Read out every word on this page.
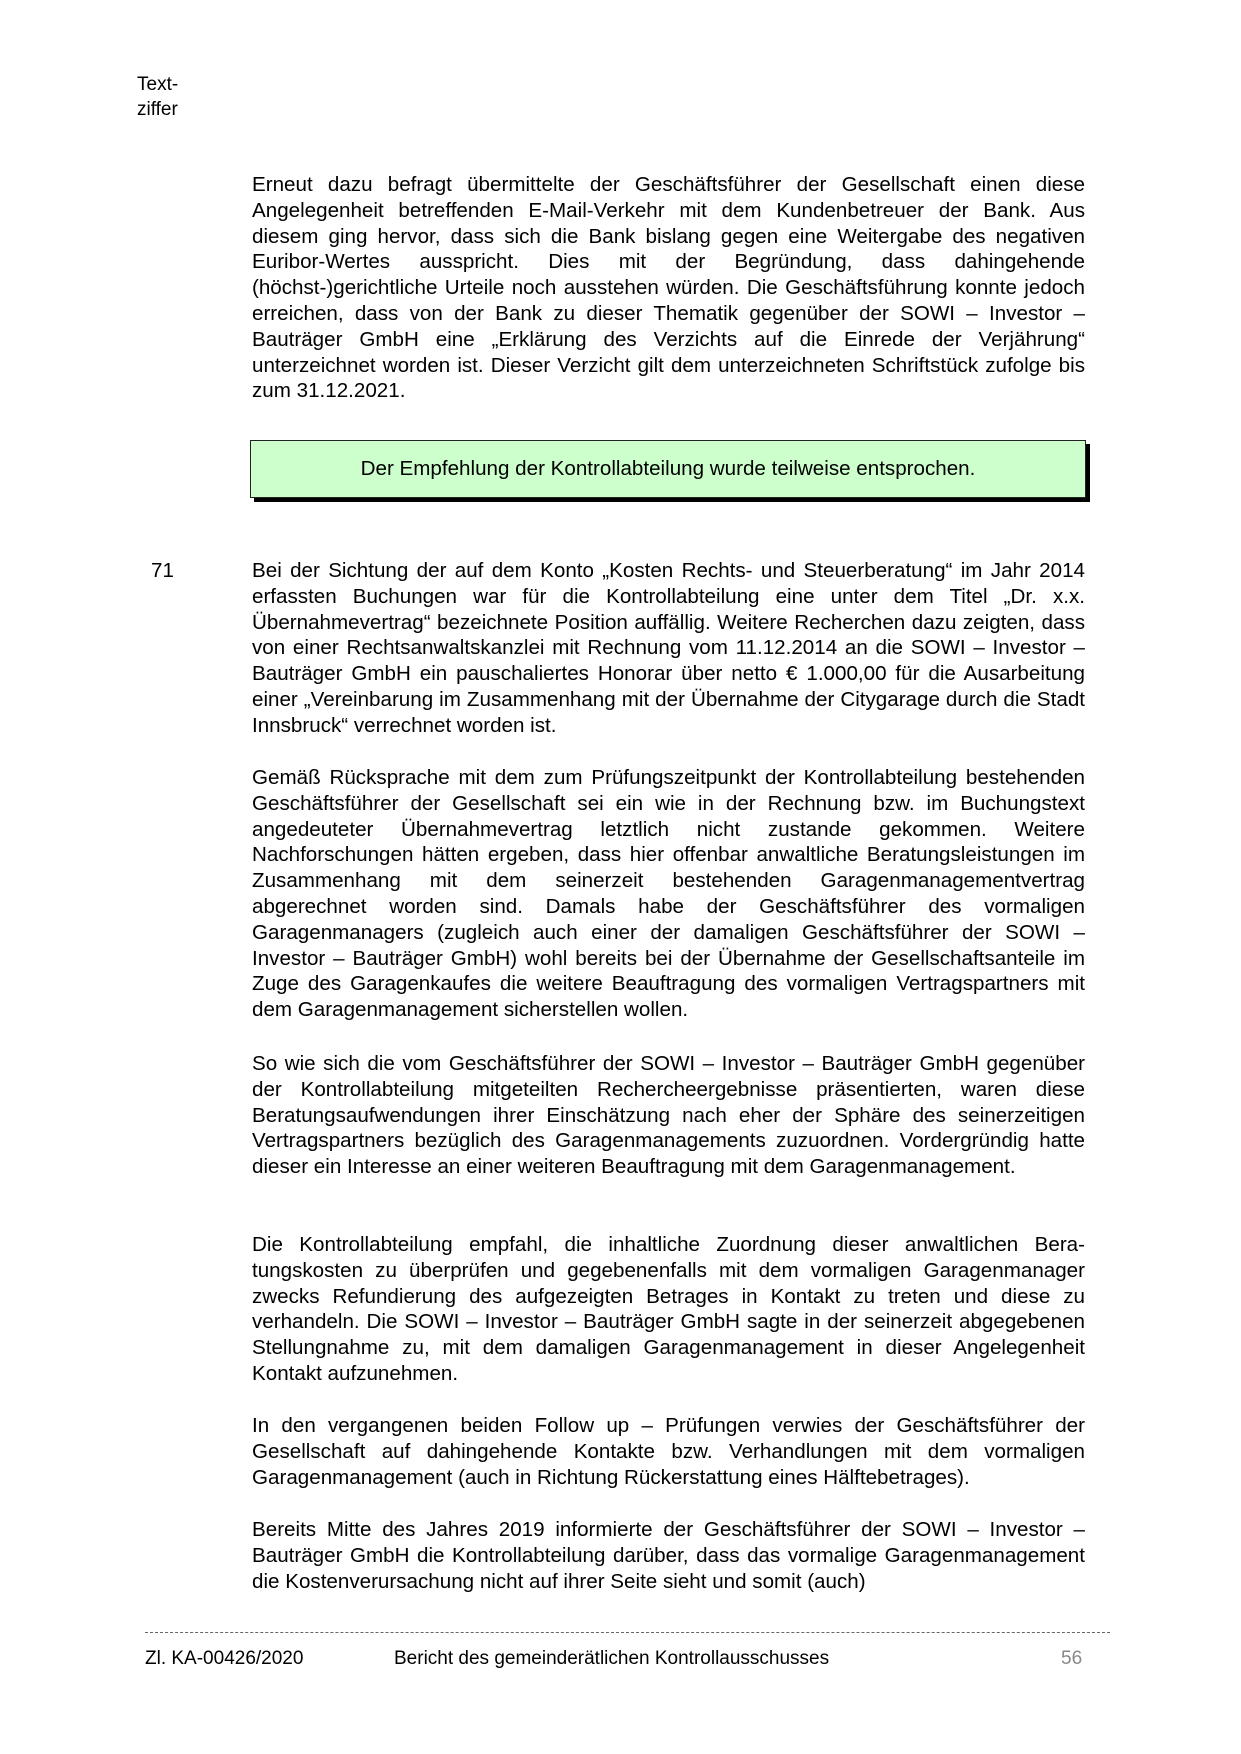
Text-
ziffer

Erneut dazu befragt übermittelte der Geschäftsführer der Gesellschaft einen diese Angelegenheit betreffenden E-Mail-Verkehr mit dem Kundenbetreuer der Bank. Aus diesem ging hervor, dass sich die Bank bislang gegen eine Weitergabe des negativen Euribor-Wertes ausspricht. Dies mit der Begründung, dass dahingehende (höchst-)gerichtliche Urteile noch ausstehen würden. Die Geschäftsführung konnte jedoch erreichen, dass von der Bank zu dieser Thematik gegenüber der SOWI – Investor – Bauträger GmbH eine „Erklärung des Verzichts auf die Einrede der Verjährung“ unterzeichnet worden ist. Dieser Verzicht gilt dem unterzeichneten Schriftstück zufolge bis zum 31.12.2021.

Der Empfehlung der Kontrollabteilung wurde teilweise entsprochen.
71	Bei der Sichtung der auf dem Konto „Kosten Rechts- und Steuerberatung“ im Jahr 2014 erfassten Buchungen war für die Kontrollabteilung eine unter dem Titel „Dr. x.x. Übernahmevertrag“ bezeichnete Position auffällig. Weitere Recherchen dazu zeigten, dass von einer Rechtsanwaltskanzlei mit Rechnung vom 11.12.2014 an die SOWI – Investor – Bauträger GmbH ein pauschaliertes Honorar über netto € 1.000,00 für die Ausarbeitung einer „Vereinbarung im Zusammenhang mit der Übernahme der Citygarage durch die Stadt Innsbruck“ verrechnet worden ist.

Gemäß Rücksprache mit dem zum Prüfungszeitpunkt der Kontrollabteilung bestehenden Geschäftsführer der Gesellschaft sei ein wie in der Rechnung bzw. im Buchungstext angedeuteter Übernahmevertrag letztlich nicht zustande gekommen. Weitere Nachforschungen hätten ergeben, dass hier offenbar anwaltliche Beratungsleistungen im Zusammenhang mit dem seinerzeit bestehenden Garagenmanagementvertrag abgerechnet worden sind. Damals habe der Geschäftsführer des vormaligen Garagenmanagers (zugleich auch einer der damaligen Geschäftsführer der SOWI – Investor – Bauträger GmbH) wohl bereits bei der Übernahme der Gesellschaftsanteile im Zuge des Garagenkaufes die weitere Beauftragung des vormaligen Vertragspartners mit dem Garagenmanagement sicherstellen wollen.

So wie sich die vom Geschäftsführer der SOWI – Investor – Bauträger GmbH gegenüber der Kontrollabteilung mitgeteilten Rechercheergebnisse präsentierten, waren diese Beratungsaufwendungen ihrer Einschätzung nach eher der Sphäre des seinerzeitigen Vertragspartners bezüglich des Garagenmanagements zuzuordnen. Vordergründig hatte dieser ein Interesse an einer weiteren Beauftragung mit dem Garagenmanagement.

Die Kontrollabteilung empfahl, die inhaltliche Zuordnung dieser anwaltlichen Beratungskosten zu überprüfen und gegebenenfalls mit dem vormaligen Garagenmanager zwecks Refundierung des aufgezeigten Betrages in Kontakt zu treten und diese zu verhandeln. Die SOWI – Investor – Bauträger GmbH sagte in der seinerzeit abgegebenen Stellungnahme zu, mit dem damaligen Garagenmanagement in dieser Angelegenheit Kontakt aufzunehmen.

In den vergangenen beiden Follow up – Prüfungen verwies der Geschäftsführer der Gesellschaft auf dahingehende Kontakte bzw. Verhandlungen mit dem vormaligen Garagenmanagement (auch in Richtung Rückerstattung eines Hälftebetrages).

Bereits Mitte des Jahres 2019 informierte der Geschäftsführer der SOWI – Investor – Bauträger GmbH die Kontrollabteilung darüber, dass das vormalige Garagenmanagement die Kostenverursachung nicht auf ihrer Seite sieht und somit (auch)

Zl. KA-00426/2020	Bericht des gemeinderätlichen Kontrollausschusses	56
